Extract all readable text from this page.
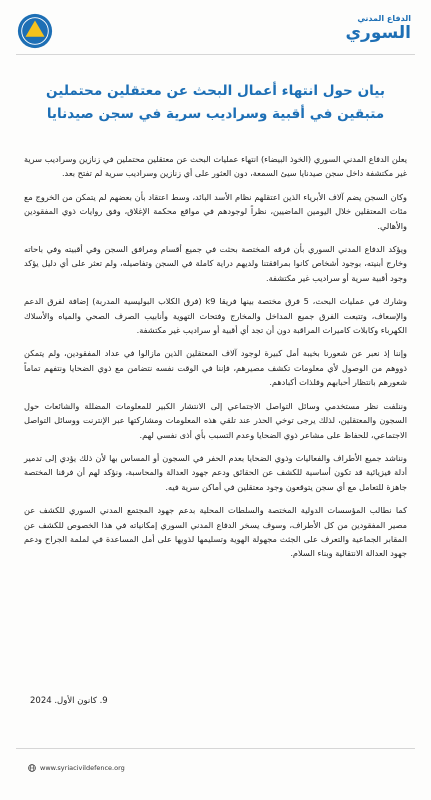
الدفاع المدني
السوري
بيان حول انتهاء أعمال البحث عن معتقلين محتملين متبقين في أقبية وسراديب سرية في سجن صيدنايا

يعلن الدفاع المدني السوري (الخوذ البيضاء) انتهاء عمليات البحث عن معتقلين محتملين في زنازين وسراديب سرية غير مكتشفة داخل سجن صيدنايا سيئ السمعة، دون العثور على أي زنازين وسراديب سرية لم تفتح بعد.

وكان السجن يضم آلاف الأبرياء الذين اعتقلهم نظام الأسد البائد، وسط اعتقاد بأن بعضهم لم يتمكن من الخروج مع مئات المعتقلين خلال اليومين الماضيين، نظراً لوجودهم في مواقع محكمة الإغلاق، وفق روايات ذوي المفقودين والأهالي.

ويؤكد الدفاع المدني السوري بأن فرقه المختصة بحثت في جميع أقسام ومرافق السجن وفي أقبيته وفي باحاته وخارج أبنيته، بوجود أشخاص كانوا بمرافقتنا ولديهم دراية كاملة في السجن وتفاصيله، ولم تعثر على أي دليل يؤكد وجود أقبية سرية أو سراديب غير مكتشفة.

وشارك في عمليات البحث، 5 فرق مختصة بينها فريقا k9 (فرق الكلاب البوليسية المدربة) إضافة لفرق الدعم والإسعاف، وتتبعت الفرق جميع المداخل والمخارج وفتحات التهوية وأنابيب الصرف الصحي والمياه والأسلاك الكهرباء وكابلات كاميرات المراقبة دون أن تجد أي أقبية أو سراديب غير مكتشفة.

وإننا إذ نعبر عن شعورنا بخيبة أمل كبيرة لوجود آلاف المعتقلين الذين مازالوا في عداد المفقودين، ولم يتمكن ذووهم من الوصول لأي معلومات تكشف مصيرهم، فإننا في الوقت نفسه نتضامن مع ذوي الضحايا ونتفهم تماماً شعورهم بانتظار أحبابهم وفلذات أكبادهم.

وننلفت نظر مستخدمي وسائل التواصل الاجتماعي إلى الانتشار الكبير للمعلومات المضللة والشائعات حول السجون والمعتقلين، لذلك يرجى توخي الحذر عند تلقي هذه المعلومات ومشاركتها عبر الإنترنت ووسائل التواصل الاجتماعي، للحفاظ على مشاعر ذوي الضحايا وعدم التسبب بأي أذى نفسي لهم.

ونناشد جميع الأطراف والفعاليات وذوي الضحايا بعدم الحفر في السجون أو المساس بها لأن ذلك يؤدي إلى تدمير أدلة فيزيائية قد تكون أساسية للكشف عن الحقائق ودعم جهود العدالة والمحاسبة، ونؤكد لهم أن فرقنا المختصة جاهزة للتعامل مع أي سجن يتوقعون وجود معتقلين في أماكن سرية فيه.

كما نطالب المؤسسات الدولية المختصة والسلطات المحلية بدعم جهود المجتمع المدني السوري للكشف عن مصير المفقودين من كل الأطراف، وسوف يسخر الدفاع المدني السوري إمكانياته في هذا الخصوص للكشف عن المقابر الجماعية والتعرف على الجثث مجهولة الهوية وتسليمها لذويها على أمل المساعدة في لملمة الجراح ودعم جهود العدالة الانتقالية وبناء السلام.

9. كانون الأول. 2024
www.syriacivildefence.org
